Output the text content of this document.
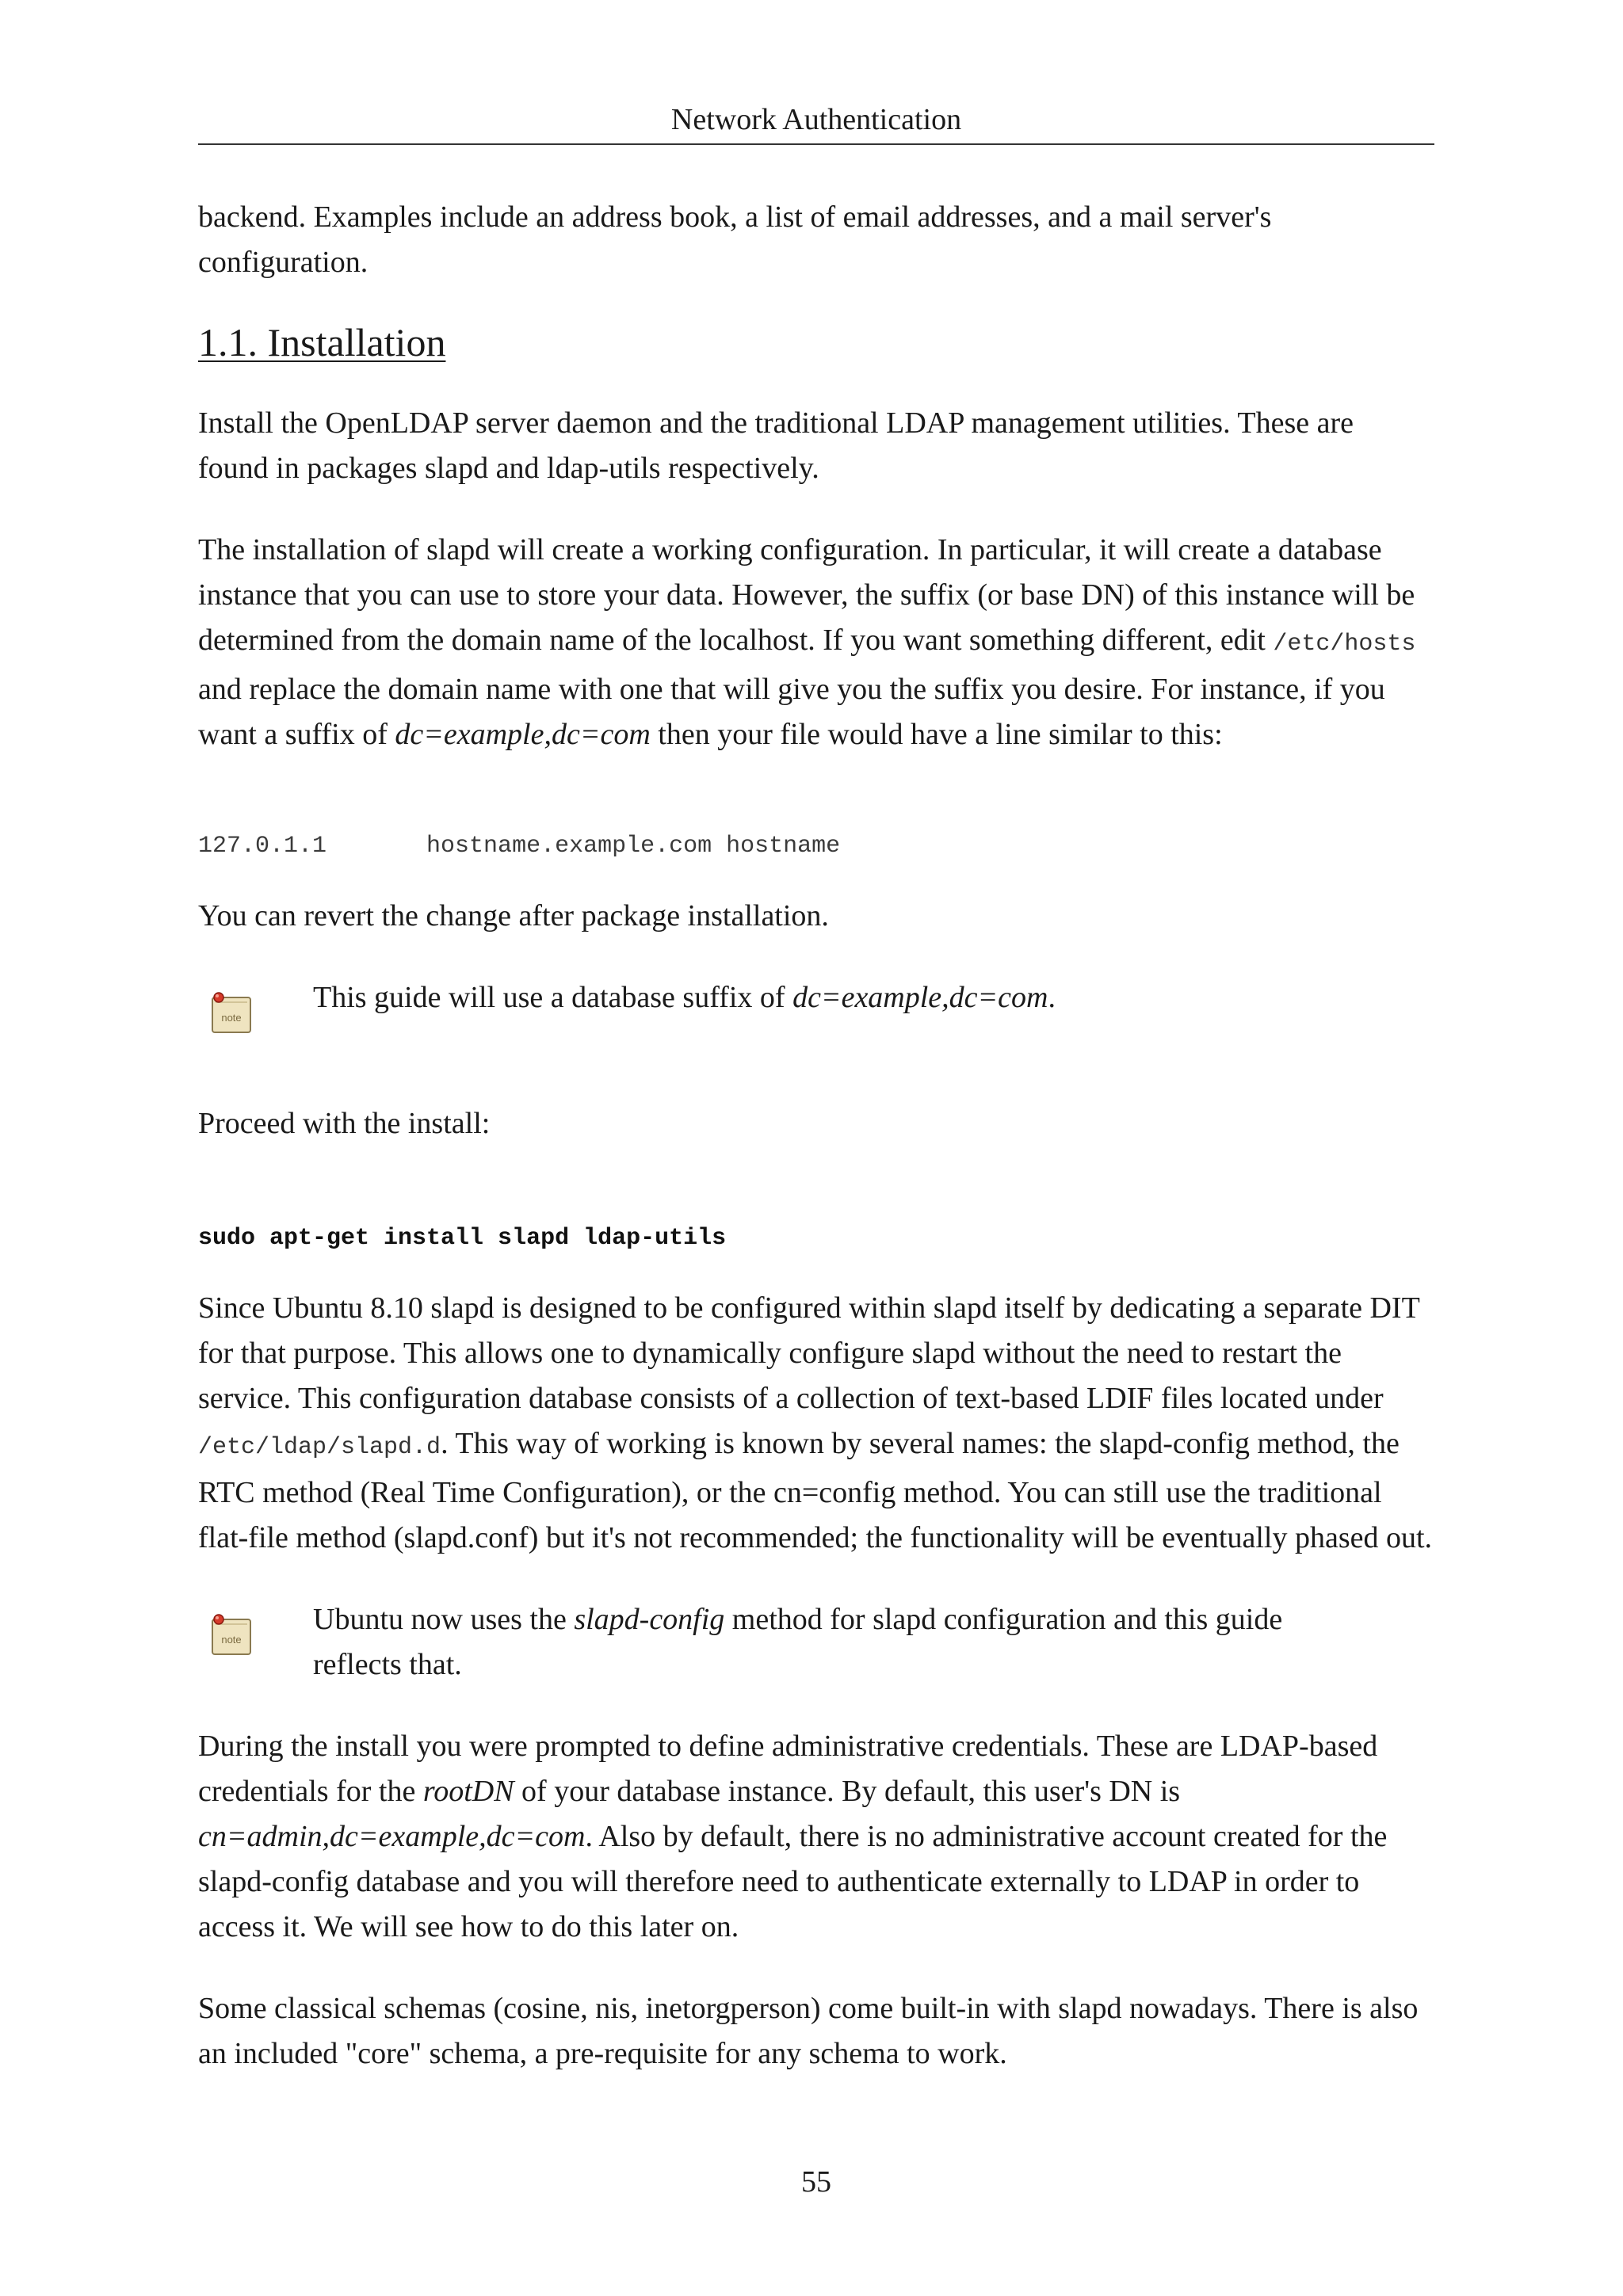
Network Authentication

backend. Examples include an address book, a list of email addresses, and a mail server's configuration.

1.1. Installation

Install the OpenLDAP server daemon and the traditional LDAP management utilities. These are found in packages slapd and ldap-utils respectively.

The installation of slapd will create a working configuration. In particular, it will create a database instance that you can use to store your data. However, the suffix (or base DN) of this instance will be determined from the domain name of the localhost. If you want something different, edit /etc/hosts and replace the domain name with one that will give you the suffix you desire. For instance, if you want a suffix of dc=example,dc=com then your file would have a line similar to this:

127.0.1.1       hostname.example.com hostname

You can revert the change after package installation.

note

This guide will use a database suffix of dc=example,dc=com.

Proceed with the install:

sudo apt-get install slapd ldap-utils

Since Ubuntu 8.10 slapd is designed to be configured within slapd itself by dedicating a separate DIT for that purpose. This allows one to dynamically configure slapd without the need to restart the service. This configuration database consists of a collection of text-based LDIF files located under /etc/ldap/slapd.d. This way of working is known by several names: the slapd-config method, the RTC method (Real Time Configuration), or the cn=config method. You can still use the traditional flat-file method (slapd.conf) but it's not recommended; the functionality will be eventually phased out.

note

Ubuntu now uses the slapd-config method for slapd configuration and this guide reflects that.

During the install you were prompted to define administrative credentials. These are LDAP-based credentials for the rootDN of your database instance. By default, this user's DN is cn=admin,dc=example,dc=com. Also by default, there is no administrative account created for the slapd-config database and you will therefore need to authenticate externally to LDAP in order to access it. We will see how to do this later on.

Some classical schemas (cosine, nis, inetorgperson) come built-in with slapd nowadays. There is also an included "core" schema, a pre-requisite for any schema to work.

55
